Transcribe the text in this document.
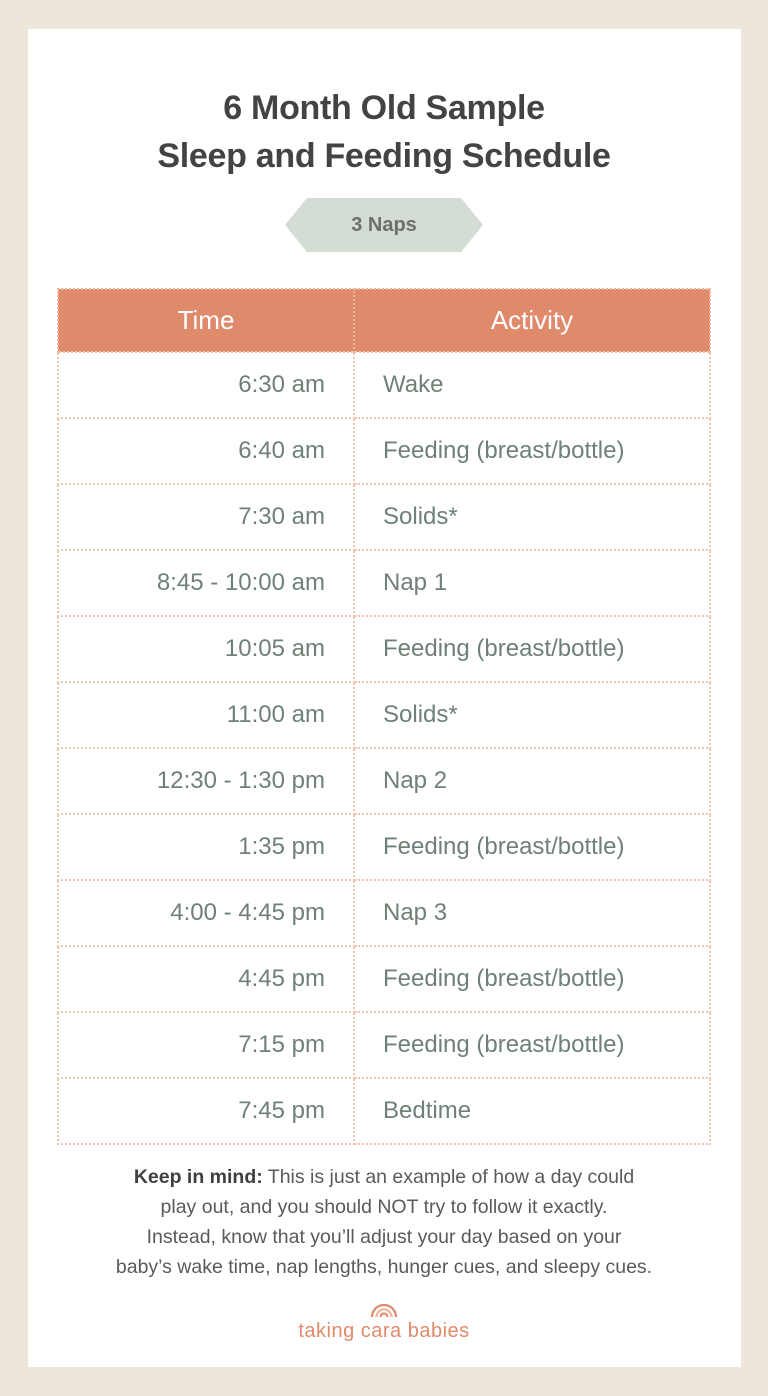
6 Month Old Sample
Sleep and Feeding Schedule
3 Naps
Time	Activity
6:30 am	Wake
6:40 am	Feeding (breast/bottle)
7:30 am	Solids*
8:45 - 10:00 am	Nap 1
10:05 am	Feeding (breast/bottle)
11:00 am	Solids*
12:30 - 1:30 pm	Nap 2
1:35 pm	Feeding (breast/bottle)
4:00 - 4:45 pm	Nap 3
4:45 pm	Feeding (breast/bottle)
7:15 pm	Feeding (breast/bottle)
7:45 pm	Bedtime
Keep in mind: This is just an example of how a day could
play out, and you should NOT try to follow it exactly.
Instead, know that you’ll adjust your day based on your
baby’s wake time, nap lengths, hunger cues, and sleepy cues.
taking cara babies
